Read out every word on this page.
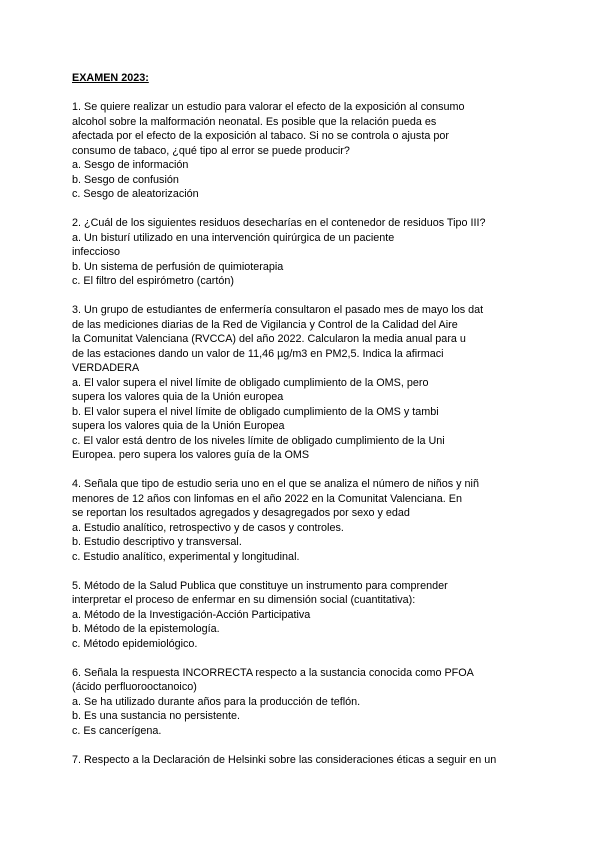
EXAMEN 2023:
1. Se quiere realizar un estudio para valorar el efecto de la exposición al consumo
alcohol sobre la malformación neonatal. Es posible que la relación pueda es
afectada por el efecto de la exposición al tabaco. Si no se controla o ajusta por
consumo de tabaco, ¿qué tipo al error se puede producir?
a. Sesgo de información
b. Sesgo de confusión
c. Sesgo de aleatorización
2. ¿Cuál de los siguientes residuos desecharías en el contenedor de residuos Tipo III?
a. Un bisturí utilizado en una intervención quirúrgica de un paciente
infeccioso
b. Un sistema de perfusión de quimioterapia
c. El filtro del espirómetro (cartón)
3. Un grupo de estudiantes de enfermería consultaron el pasado mes de mayo los dat
de las mediciones diarias de la Red de Vigilancia y Control de la Calidad del Aire
la Comunitat Valenciana (RVCCA) del año 2022. Calcularon la media anual para u
de las estaciones dando un valor de 11,46 µg/m3 en PM2,5. Indica la afirmaci
VERDADERA
a. El valor supera el nivel límite de obligado cumplimiento de la OMS, pero
supera los valores quia de la Unión europea
b. El valor supera el nivel límite de obligado cumplimiento de la OMS y tambi
supera los valores quia de la Unión Europea
c. El valor está dentro de los niveles límite de obligado cumplimiento de la Uni
Europea. pero supera los valores guía de la OMS
4. Señala que tipo de estudio seria uno en el que se analiza el número de niños y niñ
menores de 12 años con linfomas en el año 2022 en la Comunitat Valenciana. En
se reportan los resultados agregados y desagregados por sexo y edad
a. Estudio analítico, retrospectivo y de casos y controles.
b. Estudio descriptivo y transversal.
c. Estudio analítico, experimental y longitudinal.
5. Método de la Salud Publica que constituye un instrumento para comprender
interpretar el proceso de enfermar en su dimensión social (cuantitativa):
a. Método de la Investigación-Acción Participativa
b. Método de la epistemología.
c. Método epidemiológico.
6. Señala la respuesta INCORRECTA respecto a la sustancia conocida como PFOA
(ácido perfluorooctanoico)
a. Se ha utilizado durante años para la producción de teflón.
b. Es una sustancia no persistente.
c. Es cancerígena.
7. Respecto a la Declaración de Helsinki sobre las consideraciones éticas a seguir en un
